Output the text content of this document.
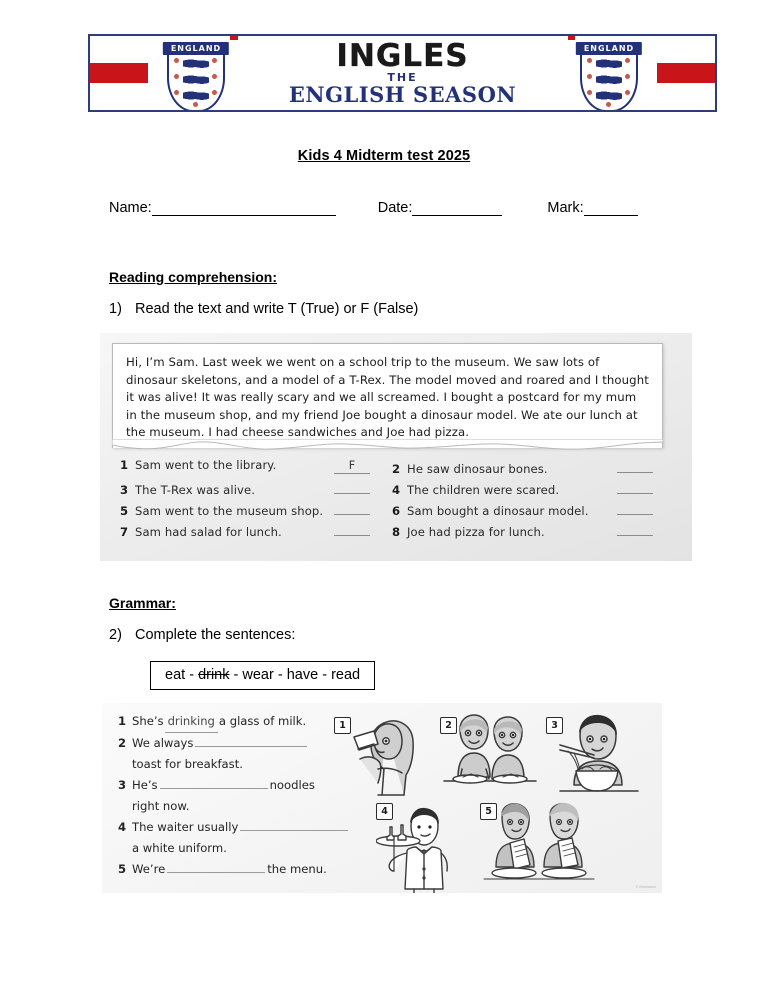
ENGLAND	INGLES
THE
ENGLISH SEASON
ENGLAND
Kids 4 Midterm test 2025
Name:	Date:	Mark:
Reading comprehension:
1) Read the text and write T (True) or F (False)

Hi, I’m Sam. Last week we went on a school trip to the museum. We saw lots of dinosaur skeletons, and a model of a T-Rex. The model moved and roared and I thought it was alive! It was really scary and we all screamed. I bought a postcard for my mum in the museum shop, and my friend Joe bought a dinosaur model. We ate our lunch at the museum. I had cheese sandwiches and Joe had pizza.

1 Sam went to the library.	F	2 He saw dinosaur bones.
3 The T-Rex was alive.	4 The children were scared.
5 Sam went to the museum shop.	6 Sam bought a dinosaur model.
7 Sam had salad for lunch.	8 Joe had pizza for lunch.
Grammar:
2) Complete the sentences:
eat - drink - wear - have - read
1 She’s drinking a glass of milk.
2 We always
toast for breakfast.
3 He’s	noodles
right now.
4 The waiter usually
a white uniform.
5 We’re	the menu.
1	2	3
4	5
© illustration
